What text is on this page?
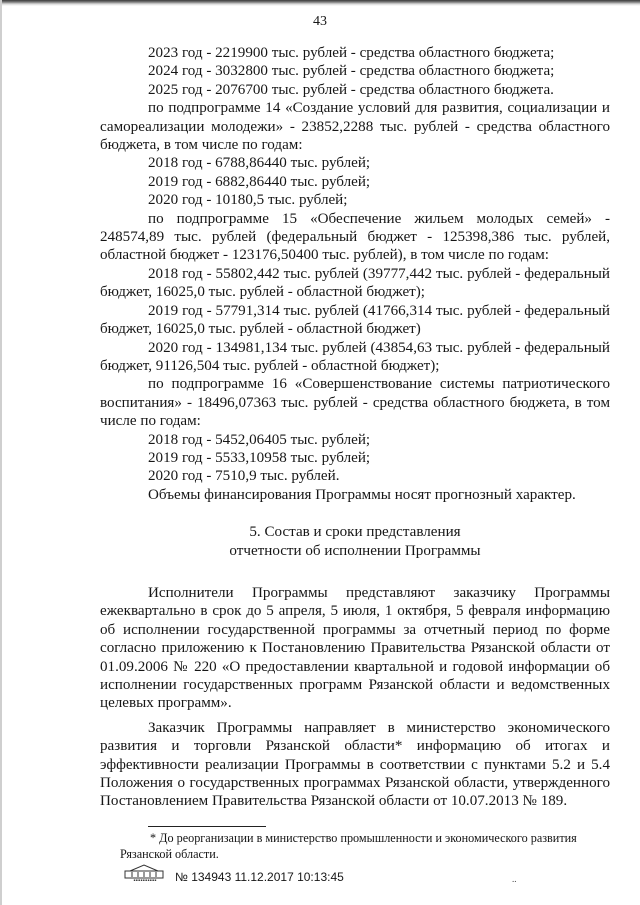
43

2023 год - 2219900 тыс. рублей - средства областного бюджета;

2024 год - 3032800 тыс. рублей - средства областного бюджета;

2025 год - 2076700 тыс. рублей - средства областного бюджета.

по подпрограмме 14 «Создание условий для развития, социализации и самореализации молодежи» - 23852,2288 тыс. рублей - средства областного бюджета, в том числе по годам:

2018 год - 6788,86440 тыс. рублей;

2019 год - 6882,86440 тыс. рублей;

2020 год - 10180,5 тыс. рублей;

по подпрограмме 15 «Обеспечение жильем молодых семей» - 248574,89 тыс. рублей (федеральный бюджет - 125398,386 тыс. рублей, областной бюджет - 123176,50400 тыс. рублей), в том числе по годам:

2018 год - 55802,442 тыс. рублей (39777,442 тыс. рублей - федеральный бюджет, 16025,0 тыс. рублей - областной бюджет);

2019 год - 57791,314 тыс. рублей (41766,314 тыс. рублей - федеральный бюджет, 16025,0 тыс. рублей - областной бюджет)

2020 год - 134981,134 тыс. рублей (43854,63 тыс. рублей - федеральный бюджет, 91126,504 тыс. рублей - областной бюджет);

по подпрограмме 16 «Совершенствование системы патриотического воспитания» - 18496,07363 тыс. рублей - средства областного бюджета, в том числе по годам:

2018 год - 5452,06405 тыс. рублей;

2019 год - 5533,10958 тыс. рублей;

2020 год - 7510,9 тыс. рублей.

Объемы финансирования Программы носят прогнозный характер.

5. Состав и сроки представления

отчетности об исполнении Программы

Исполнители Программы представляют заказчику Программы ежеквартально в срок до 5 апреля, 5 июля, 1 октября, 5 февраля информацию об исполнении государственной программы за отчетный период по форме согласно приложению к Постановлению Правительства Рязанской области от 01.09.2006 № 220 «О предоставлении квартальной и годовой информации об исполнении государственных программ Рязанской области и ведомственных целевых программ».

Заказчик Программы направляет в министерство экономического развития и торговли Рязанской области* информацию об итогах и эффективности реализации Программы в соответствии с пунктами 5.2 и 5.4 Положения о государственных программах Рязанской области, утвержденного Постановлением Правительства Рязанской области от 10.07.2013 № 189.

* До реорганизации в министерство промышленности и экономического развития
Рязанской области.
▪▪▪▪▪▪▪▪▪▪	№ 134943 11.12.2017 10:13:45	..
